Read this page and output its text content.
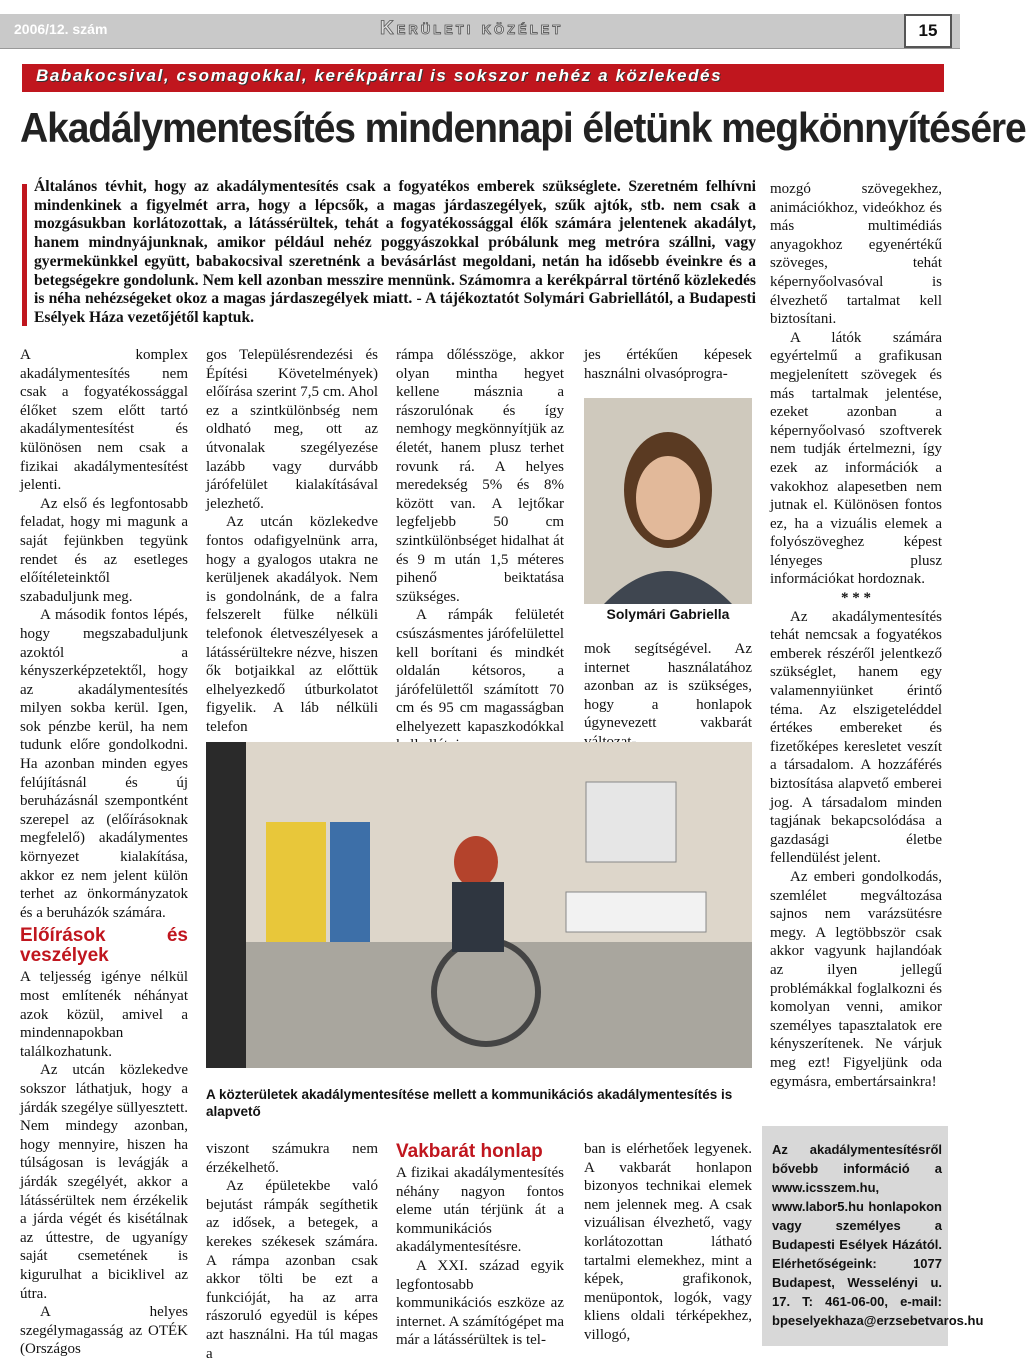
2006/12. szám	Kerületi közélet	15
Babakocsival, csomagokkal, kerékpárral is sokszor nehéz a közlekedés
Akadálymentesítés mindennapi életünk megkönnyítésére
Általános tévhit, hogy az akadálymentesítés csak a fogyatékos emberek szükséglete. Szeretném felhívni mindenkinek a figyelmét arra, hogy a lépcsők, a magas járdaszegélyek, szűk ajtók, stb. nem csak a mozgásukban korlátozottak, a látássérültek, tehát a fogyatékossággal élők számára jelentenek akadályt, hanem mindnyájunknak, amikor például nehéz poggyászokkal próbálunk meg metróra szállni, vagy gyermekünkkel együtt, babakocsival szeretnénk a bevásárlást megoldani, netán ha idősebb éveinkre és a betegségekre gondolunk. Nem kell azonban messzire mennünk. Számomra a kerékpárral történő közlekedés is néha nehézségeket okoz a magas járdaszegélyek miatt. - A tájékoztatót Solymári Gabriellától, a Budapesti Esélyek Háza vezetőjétől kaptuk.

A komplex akadálymentesítés nem csak a fogyatékossággal élőket szem előtt tartó akadálymentesítést és különösen nem csak a fizikai akadálymentesítést jelenti.

Az első és legfontosabb feladat, hogy mi magunk a saját fejünkben tegyünk rendet és az esetleges előítéleteinktől szabaduljunk meg.

A második fontos lépés, hogy megszabaduljunk azoktól a kényszerképzetektől, hogy az akadálymentesítés milyen sokba kerül. Igen, sok pénzbe kerül, ha nem tudunk előre gondolkodni. Ha azonban minden egyes felújításnál és új beruházásnál szempontként szerepel az (előírásoknak megfelelő) akadálymentes környezet kialakítása, akkor ez nem jelent külön terhet az önkormányzatok és a beruházók számára.

Előírások és veszélyek

A teljesség igénye nélkül most említenék néhányat azok közül, amivel a mindennapokban találkozhatunk.

Az utcán közlekedve sokszor láthatjuk, hogy a járdák szegélye süllyesztett. Nem mindegy azonban, hogy mennyire, hiszen ha túlságosan is levágják a járdák szegélyét, akkor a látássérültek nem érzékelik a járda végét és kisétálnak az úttestre, de ugyanígy saját csemetének is kigurulhat a biciklivel az útra.

A helyes szegélymagasság az OTÉK (Országos

gos Településrendezési és Építési Követelmények) előírása szerint 7,5 cm. Ahol ez a szintkülönbség nem oldható meg, ott az útvonalak szegélyezése lazább vagy durvább járófelület kialakításával jelezhető.

Az utcán közlekedve fontos odafigyelnünk arra, hogy a gyalogos utakra ne kerüljenek akadályok. Nem is gondolnánk, de a falra felszerelt fülke nélküli telefonok életveszélyesek a látássérültekre nézve, hiszen ők botjaikkal az előttük elhelyezkedő útburkolatot figyelik. A láb nélküli telefon

rámpa dőlésszöge, akkor olyan mintha hegyet kellene másznia a rászorulónak és így nemhogy megkönnyítjük az életét, hanem plusz terhet rovunk rá. A helyes meredekség 5% és 8% között van. A lejtőkar legfeljebb 50 cm szintkülönbséget hidalhat át és 9 m után 1,5 méteres pihenő beiktatása szükséges.

A rámpák felületét csúszásmentes járófelülettel kell borítani és mindkét oldalán kétsoros, a járófelülettől számított 70 cm és 95 cm magasságban elhelyezett kapaszkodókkal

jes értékűen képesek használni olvasóprogra-

Solymári Gabriella

mok segítségével. Az internet használatához azonban az is szükséges, hogy a honlapok úgynevezett vakbarát

A közterületek akadálymentesítése mellett a kommunikációs akadálymentesítés is alapvető

viszont számukra nem érzékelhető.

Az épületekbe való bejutást rámpák segíthetik az idősek, a betegek, a kerekes székesek számára. A rámpa azonban csak akkor tölti be ezt a funkcióját, ha az arra rászoruló egyedül is képes azt használni. Ha túl magas a

Vakbarát honlap

A fizikai akadálymentesítés néhány nagyon fontos eleme után térjünk át a kommunikációs akadálymentesítésre.

A XXI. század egyik legfontosabb kommunikációs eszköze az internet. A számítógépet ma már a látássérültek is tel-

ban is elérhetőek legyenek. A vakbarát honlapon bizonyos technikai elemek nem jelennek meg. A csak vizuálisan élvezhető, vagy korlátozottan látható tartalmi elemekhez, mint a képek, grafikonok, menüpontok, logók, vagy kliens oldali térképekhez, villogó,

mozgó szövegekhez, animációkhoz, videókhoz és más multimédiás anyagokhoz egyenértékű szöveges, tehát képernyőolvasóval is élvezhető tartalmat kell biztosítani.

A látók számára egyértelmű a grafikusan megjelenített szövegek és más tartalmak jelentése, ezeket azonban a képernyőolvasó szoftverek nem tudják értelmezni, így ezek az információk a vakokhoz alapesetben nem jutnak el. Különösen fontos ez, ha a vizuális elemek a folyószöveghez képest lényeges plusz információkat hordoznak.

* * *

Az akadálymentesítés tehát nemcsak a fogyatékos emberek részéről jelentkező szükséglet, hanem egy valamennyiünket érintő téma. Az elszigeteléddel értékes embereket és fizetőképes keresletet veszít a társadalom. A hozzáférés biztosítása alapvető emberei jog. A társadalom minden tagjának bekapcsolódása a gazdasági életbe fellendülést jelent.

Az emberi gondolkodás, szemlélet megváltozása sajnos nem varázsütésre megy. A legtöbbször csak akkor vagyunk hajlandóak az ilyen jellegű problémákkal foglalkozni és komolyan venni, amikor személyes tapasztalatok ere kényszerítenek. Ne várjuk meg ezt! Figyeljünk oda egymásra, embertársainkra!

Az akadálymentesítésről bővebb információ a www.icsszem.hu, www.labor5.hu honlapokon vagy személyes a Budapesti Esélyek Házától. Elérhetőségeink: 1077 Budapest, Wesselényi u. 17. T: 461-06-00, e-mail: bpeselyekhaza@erzsebetvaros.hu
